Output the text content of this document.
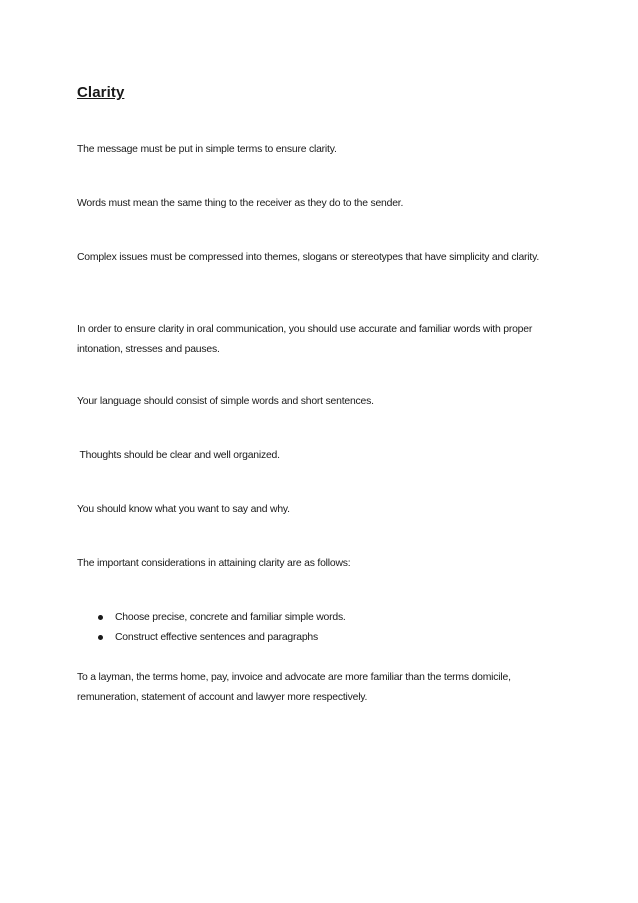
Clarity

The message must be put in simple terms to ensure clarity.

Words must mean the same thing to the receiver as they do to the sender.

Complex issues must be compressed into themes, slogans or stereotypes that have simplicity and clarity.

In order to ensure clarity in oral communication, you should use accurate and familiar words with proper intonation, stresses and pauses.

Your language should consist of simple words and short sentences.

Thoughts should be clear and well organized.

You should know what you want to say and why.

The important considerations in attaining clarity are as follows:

Choose precise, concrete and familiar simple words.
Construct effective sentences and paragraphs

To a layman, the terms home, pay, invoice and advocate are more familiar than the terms domicile, remuneration, statement of account and lawyer more respectively.
